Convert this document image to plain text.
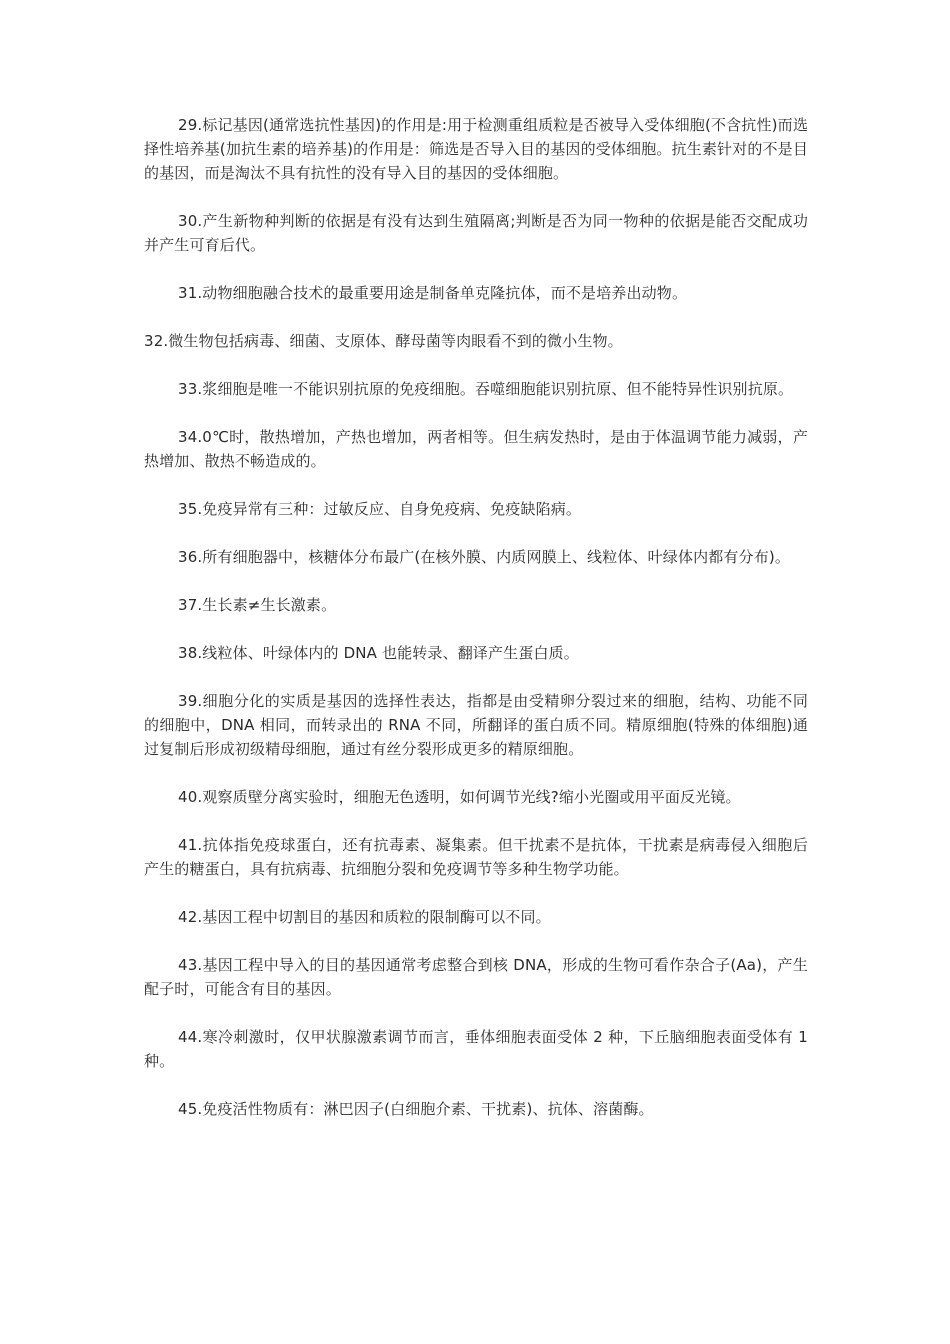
29.标记基因(通常选抗性基因)的作用是:用于检测重组质粒是否被导入受体细胞(不含抗性)而选择性培养基(加抗生素的培养基)的作用是：筛选是否导入目的基因的受体细胞。抗生素针对的不是目的基因，而是淘汰不具有抗性的没有导入目的基因的受体细胞。

30.产生新物种判断的依据是有没有达到生殖隔离;判断是否为同一物种的依据是能否交配成功并产生可育后代。

31.动物细胞融合技术的最重要用途是制备单克隆抗体，而不是培养出动物。

32.微生物包括病毒、细菌、支原体、酵母菌等肉眼看不到的微小生物。

33.浆细胞是唯一不能识别抗原的免疫细胞。吞噬细胞能识别抗原、但不能特异性识别抗原。

34.0℃时，散热增加，产热也增加，两者相等。但生病发热时，是由于体温调节能力减弱，产热增加、散热不畅造成的。

35.免疫异常有三种：过敏反应、自身免疫病、免疫缺陷病。

36.所有细胞器中，核糖体分布最广(在核外膜、内质网膜上、线粒体、叶绿体内都有分布)。

37.生长素≠生长激素。

38.线粒体、叶绿体内的 DNA 也能转录、翻译产生蛋白质。

39.细胞分化的实质是基因的选择性表达，指都是由受精卵分裂过来的细胞，结构、功能不同的细胞中，DNA 相同，而转录出的 RNA 不同，所翻译的蛋白质不同。精原细胞(特殊的体细胞)通过复制后形成初级精母细胞，通过有丝分裂形成更多的精原细胞。

40.观察质壁分离实验时，细胞无色透明，如何调节光线?缩小光圈或用平面反光镜。

41.抗体指免疫球蛋白，还有抗毒素、凝集素。但干扰素不是抗体，干扰素是病毒侵入细胞后产生的糖蛋白，具有抗病毒、抗细胞分裂和免疫调节等多种生物学功能。

42.基因工程中切割目的基因和质粒的限制酶可以不同。

43.基因工程中导入的目的基因通常考虑整合到核 DNA，形成的生物可看作杂合子(Aa)，产生配子时，可能含有目的基因。

44.寒冷刺激时，仅甲状腺激素调节而言，垂体细胞表面受体 2 种，下丘脑细胞表面受体有 1 种。

45.免疫活性物质有：淋巴因子(白细胞介素、干扰素)、抗体、溶菌酶。
